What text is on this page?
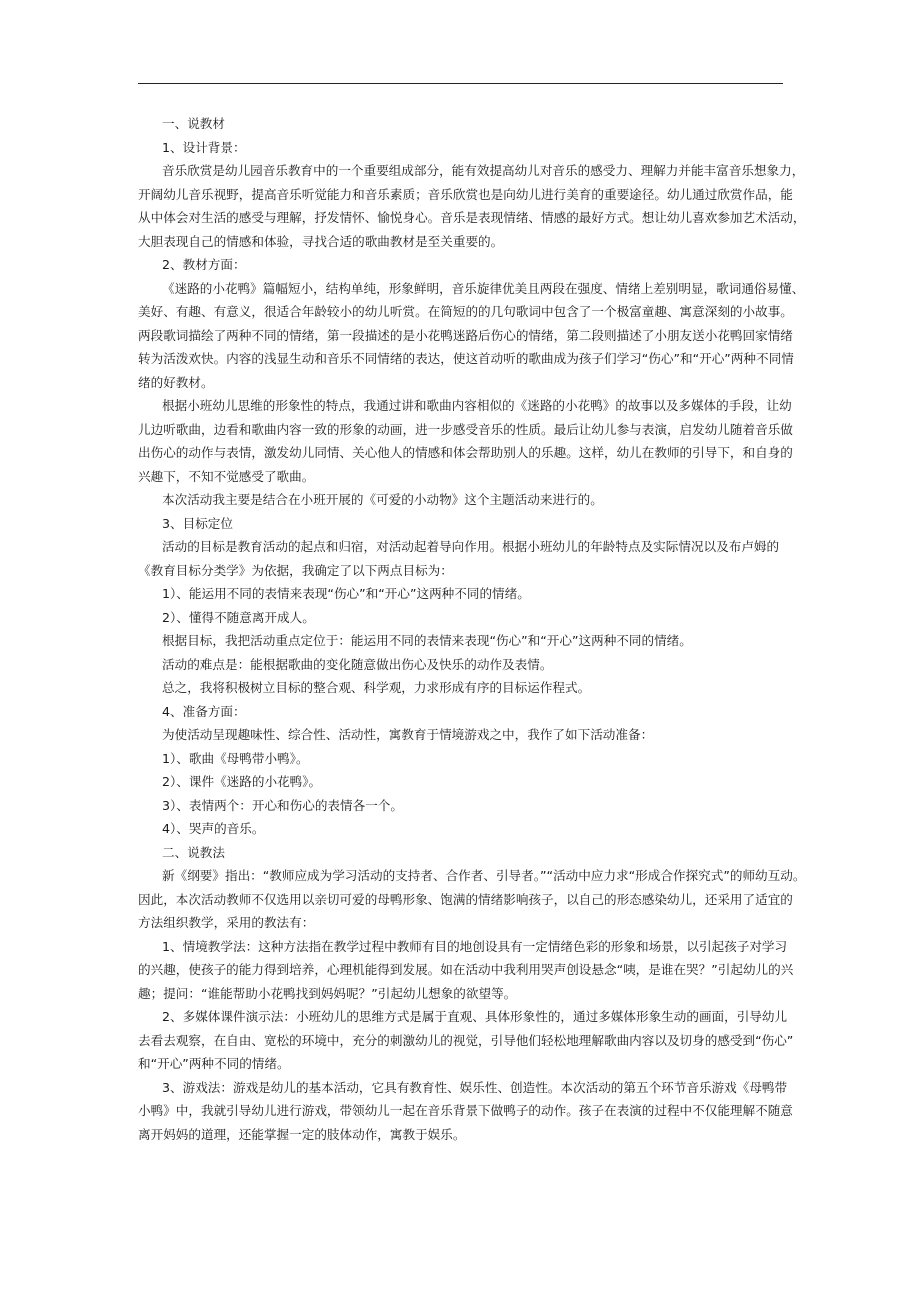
一、说教材
1、设计背景：
音乐欣赏是幼儿园音乐教育中的一个重要组成部分，能有效提高幼儿对音乐的感受力、理解力并能丰富音乐想象力，
开阔幼儿音乐视野，提高音乐听觉能力和音乐素质；音乐欣赏也是向幼儿进行美育的重要途径。幼儿通过欣赏作品，能
从中体会对生活的感受与理解，抒发情怀、愉悦身心。音乐是表现情绪、情感的最好方式。想让幼儿喜欢参加艺术活动，
大胆表现自己的情感和体验，寻找合适的歌曲教材是至关重要的。
2、教材方面：
《迷路的小花鸭》篇幅短小，结构单纯，形象鲜明，音乐旋律优美且两段在强度、情绪上差别明显，歌词通俗易懂、
美好、有趣、有意义，很适合年龄较小的幼儿听赏。在简短的的几句歌词中包含了一个极富童趣、寓意深刻的小故事。
两段歌词描绘了两种不同的情绪，第一段描述的是小花鸭迷路后伤心的情绪，第二段则描述了小朋友送小花鸭回家情绪
转为活泼欢快。内容的浅显生动和音乐不同情绪的表达，使这首动听的歌曲成为孩子们学习“伤心”和“开心”两种不同情
绪的好教材。
根据小班幼儿思维的形象性的特点，我通过讲和歌曲内容相似的《迷路的小花鸭》的故事以及多媒体的手段，让幼
儿边听歌曲，边看和歌曲内容一致的形象的动画，进一步感受音乐的性质。最后让幼儿参与表演，启发幼儿随着音乐做
出伤心的动作与表情，激发幼儿同情、关心他人的情感和体会帮助别人的乐趣。这样，幼儿在教师的引导下，和自身的
兴趣下，不知不觉感受了歌曲。
本次活动我主要是结合在小班开展的《可爱的小动物》这个主题活动来进行的。
3、目标定位
活动的目标是教育活动的起点和归宿，对活动起着导向作用。根据小班幼儿的年龄特点及实际情况以及布卢姆的
《教育目标分类学》为依据，我确定了以下两点目标为：
1）、能运用不同的表情来表现“伤心”和“开心”这两种不同的情绪。
2）、懂得不随意离开成人。
根据目标，我把活动重点定位于：能运用不同的表情来表现“伤心”和“开心”这两种不同的情绪。
活动的难点是：能根据歌曲的变化随意做出伤心及快乐的动作及表情。
总之，我将积极树立目标的整合观、科学观，力求形成有序的目标运作程式。
4、准备方面：
为使活动呈现趣味性、综合性、活动性，寓教育于情境游戏之中，我作了如下活动准备：
1）、歌曲《母鸭带小鸭》。
2）、课件《迷路的小花鸭》。
3）、表情两个：开心和伤心的表情各一个。
4）、哭声的音乐。
二、说教法
新《纲要》指出：“教师应成为学习活动的支持者、合作者、引导者。”“活动中应力求“形成合作探究式”的师幼互动。
因此，本次活动教师不仅选用以亲切可爱的母鸭形象、饱满的情绪影响孩子，以自己的形态感染幼儿，还采用了适宜的
方法组织教学，采用的教法有：
1、情境教学法：这种方法指在教学过程中教师有目的地创设具有一定情绪色彩的形象和场景，以引起孩子对学习
的兴趣，使孩子的能力得到培养，心理机能得到发展。如在活动中我利用哭声创设悬念“咦，是谁在哭？”引起幼儿的兴
趣；提问：“谁能帮助小花鸭找到妈妈呢？”引起幼儿想象的欲望等。
2、多媒体课件演示法：小班幼儿的思维方式是属于直观、具体形象性的，通过多媒体形象生动的画面，引导幼儿
去看去观察，在自由、宽松的环境中，充分的刺激幼儿的视觉，引导他们轻松地理解歌曲内容以及切身的感受到“伤心”
和“开心”两种不同的情绪。
3、游戏法：游戏是幼儿的基本活动，它具有教育性、娱乐性、创造性。本次活动的第五个环节音乐游戏《母鸭带
小鸭》中，我就引导幼儿进行游戏，带领幼儿一起在音乐背景下做鸭子的动作。孩子在表演的过程中不仅能理解不随意
离开妈妈的道理，还能掌握一定的肢体动作，寓教于娱乐。
